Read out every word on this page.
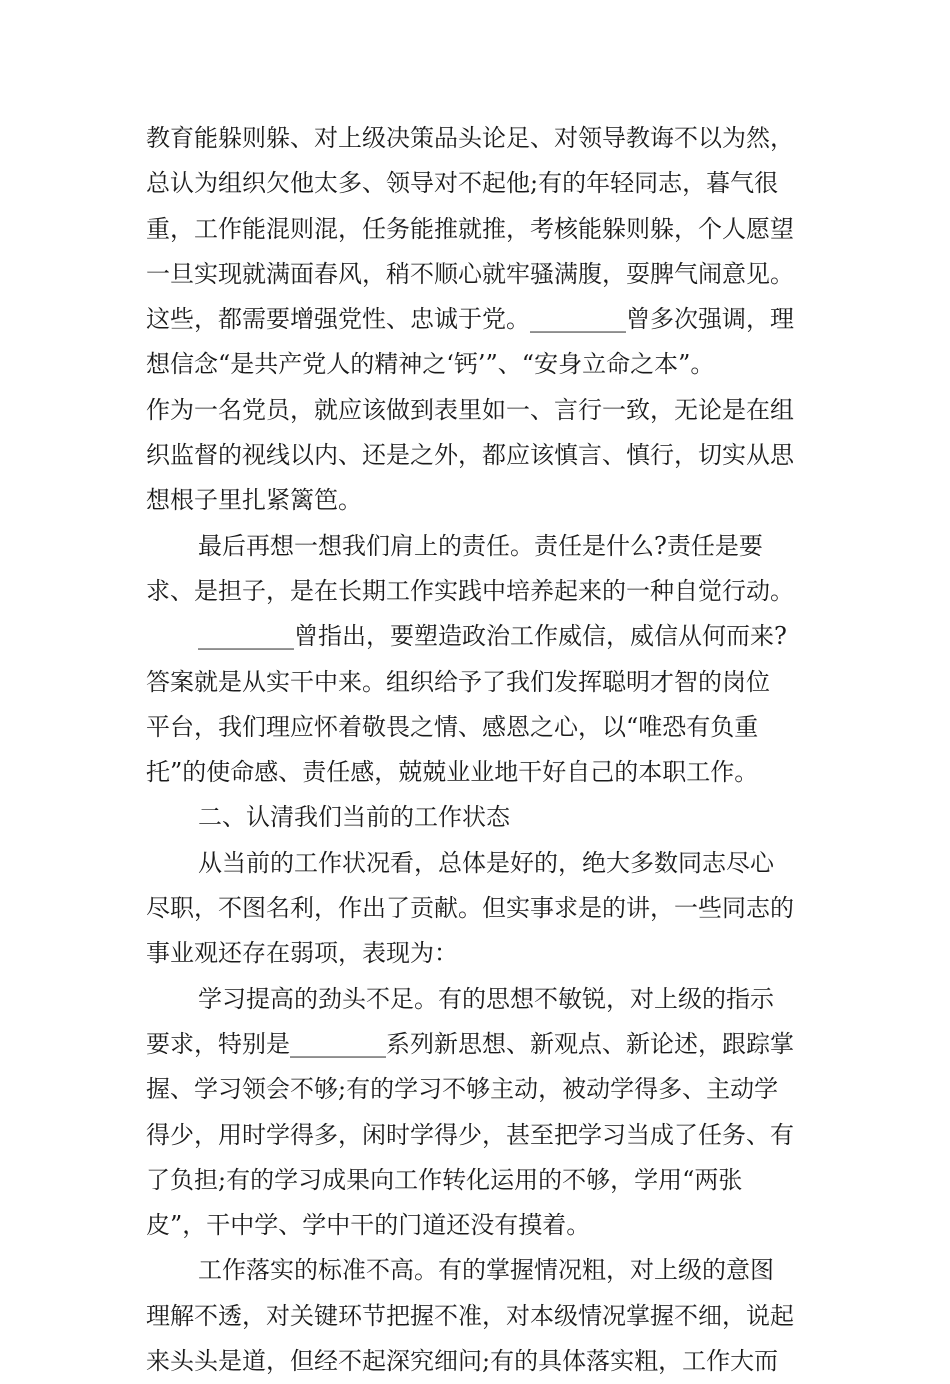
教育能躲则躲、对上级决策品头论足、对领导教诲不以为然，
总认为组织欠他太多、领导对不起他;有的年轻同志，暮气很
重，工作能混则混，任务能推就推，考核能躲则躲，个人愿望
一旦实现就满面春风，稍不顺心就牢骚满腹，耍脾气闹意见。
这些，都需要增强党性、忠诚于党。________曾多次强调，理
想信念“是共产党人的精神之‘钙’”、“安身立命之本”。
作为一名党员，就应该做到表里如一、言行一致，无论是在组
织监督的视线以内、还是之外，都应该慎言、慎行，切实从思
想根子里扎紧篱笆。
最后再想一想我们肩上的责任。责任是什么?责任是要
求、是担子，是在长期工作实践中培养起来的一种自觉行动。
________曾指出，要塑造政治工作威信，威信从何而来?
答案就是从实干中来。组织给予了我们发挥聪明才智的岗位
平台，我们理应怀着敬畏之情、感恩之心，以“唯恐有负重
托”的使命感、责任感，兢兢业业地干好自己的本职工作。
二、认清我们当前的工作状态
从当前的工作状况看，总体是好的，绝大多数同志尽心
尽职，不图名利，作出了贡献。但实事求是的讲，一些同志的
事业观还存在弱项，表现为：
学习提高的劲头不足。有的思想不敏锐，对上级的指示
要求，特别是________系列新思想、新观点、新论述，跟踪掌
握、学习领会不够;有的学习不够主动，被动学得多、主动学
得少，用时学得多，闲时学得少，甚至把学习当成了任务、有
了负担;有的学习成果向工作转化运用的不够，学用“两张
皮”，干中学、学中干的门道还没有摸着。
工作落实的标准不高。有的掌握情况粗，对上级的意图
理解不透，对关键环节把握不准，对本级情况掌握不细，说起
来头头是道，但经不起深究细问;有的具体落实粗，工作大而
